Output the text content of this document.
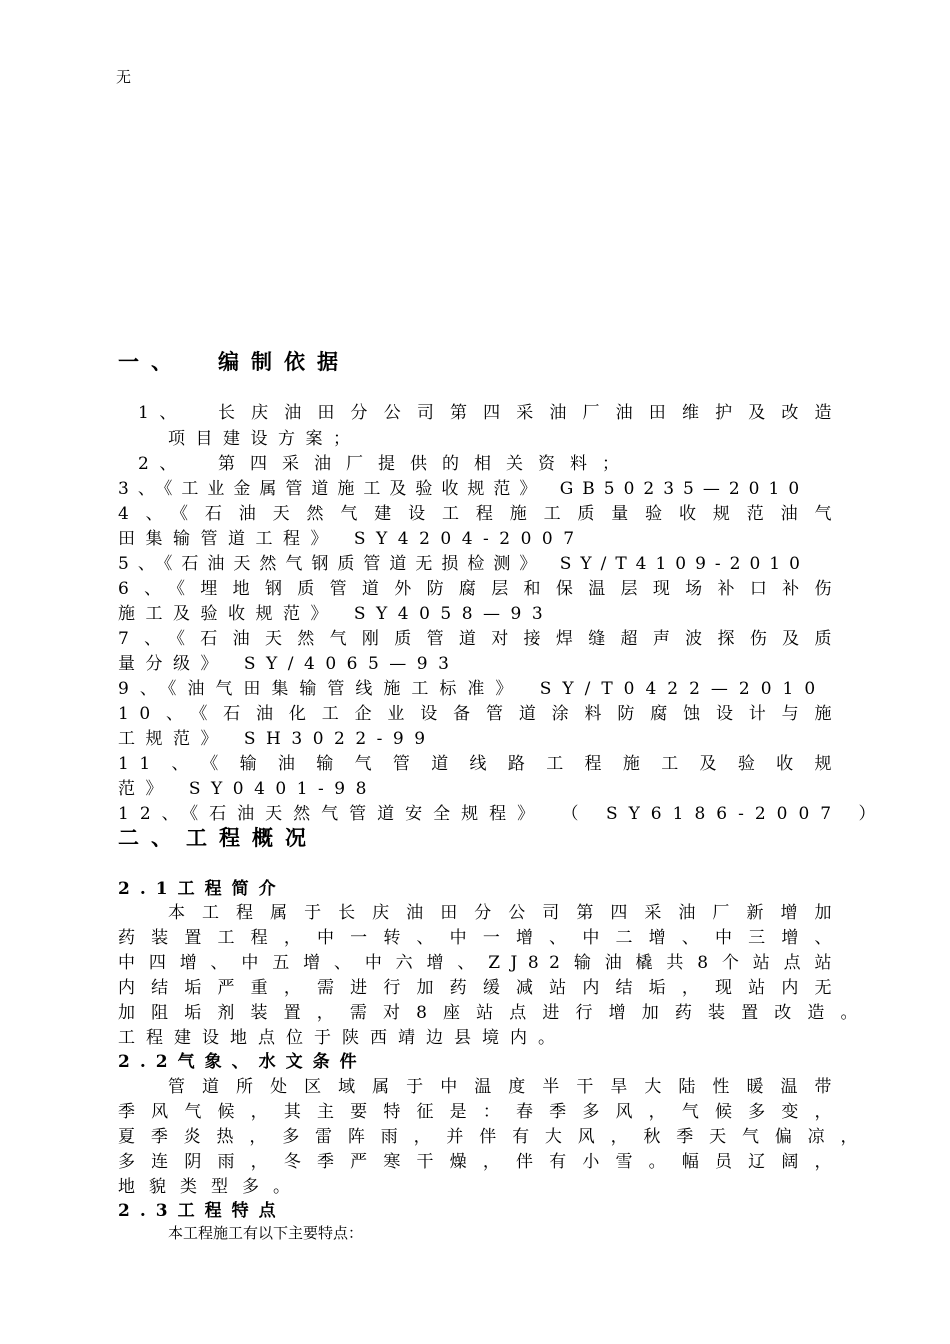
无
一、 编制依据
1、 长庆油田分公司第四采油厂油田维护及改造
项目建设方案；
2、 第四采油厂提供的相关资料；
3、《工业金属管道施工及验收规范》 GB50235—2010
4、《石油天然气建设工程施工质量验收规范油气
田集输管道工程》 SY4204-2007
5、《石油天然气钢质管道无损检测》 SY/T4109-2010
6、《埋地钢质管道外防腐层和保温层现场补口补伤
施工及验收规范》 SY4058—93
7、《石油天然气刚质管道对接焊缝超声波探伤及质
量分级》 SY/4065—93
9、《油气田集输管线施工标准》 SY/T0422—2010
10、《石油化工企业设备管道涂料防腐蚀设计与施
工规范》 SH3022-99
11、《输油输气管道线路工程施工及验收规
范》 SY0401-98
12、《石油天然气管道安全规程》 （ SY6186-2007 ）
二、 工程概况
2.1工程简介
本工程属于长庆油田分公司第四采油厂新增加
药装置工程，中一转、中一增、中二增、中三增、
中四增、中五增、中六增、ZJ82输油橇共8个站点站
内结垢严重，需进行加药缓减站内结垢，现站内无
加阻垢剂装置，需对8座站点进行增加药装置改造。
工程建设地点位于陕西靖边县境内。
2.2气象、水文条件
管道所处区域属于中温度半干旱大陆性暖温带
季风气候，其主要特征是：春季多风，气候多变，
夏季炎热，多雷阵雨，并伴有大风，秋季天气偏凉，
多连阴雨，冬季严寒干燥，伴有小雪。幅员辽阔，
地貌类型多。
2.3工程特点
本工程施工有以下主要特点：
